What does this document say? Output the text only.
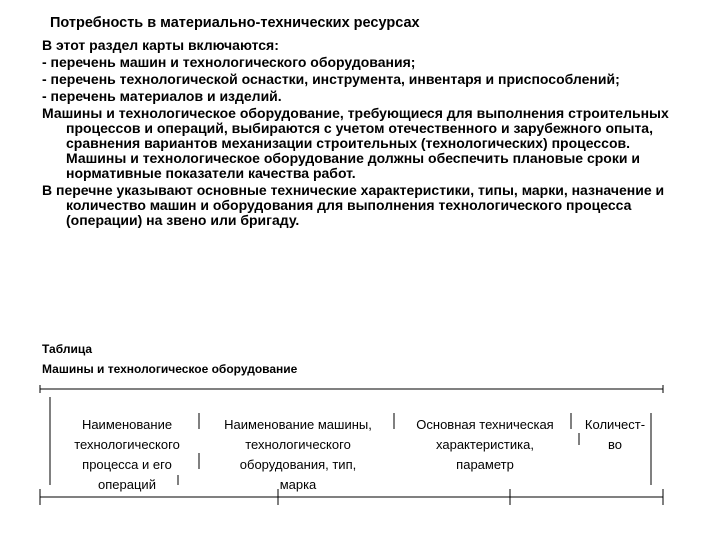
Потребность в материально-технических ресурсах

В этот раздел карты включаются:

- перечень машин и технологического оборудования;

- перечень технологической оснастки, инструмента, инвентаря и приспособлений;

- перечень материалов и изделий.

Машины и технологическое оборудование, требующиеся для выполнения строительных процессов и операций, выбираются с учетом отечественного и зарубежного опыта, сравнения вариантов механизации строительных (технологических) процессов. Машины и технологическое оборудование должны обеспечить плановые сроки и нормативные показатели качества работ.

В перечне указывают основные технические характеристики, типы, марки, назначение и количество машин и оборудования для выполнения технологического процесса (операции) на звено или бригаду.

Таблица
Машины и технологическое оборудование
Наименование
технологического
процесса и его
операций
Наименование машины,
технологического
оборудования, тип,
марка
Основная техническая
характеристика,
параметр
Количест-
во
